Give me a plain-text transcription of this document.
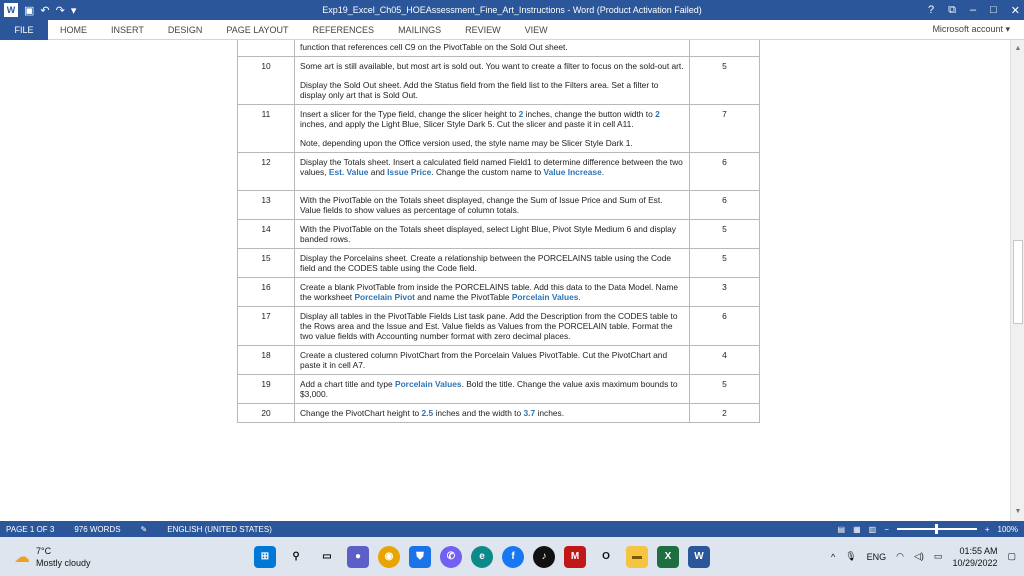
W ▣ ↶ ↷ ▾	Exp19_Excel_Ch05_HOEAssessment_Fine_Art_Instructions - Word (Product Activation Failed)	? ⧉ – □ ✕
FILE	HOME	INSERT	DESIGN	PAGE LAYOUT	REFERENCES	MAILINGS	REVIEW	VIEW	Microsoft account ▾

	function that references cell C9 on the PivotTable on the Sold Out sheet.	

10	Some art is still available, but most art is sold out. You want to create a filter to focus on the sold-out art.

Display the Sold Out sheet. Add the Status field from the field list to the Filters area. Set a filter to display only art that is Sold Out.	5
11	Insert a slicer for the Type field, change the slicer height to 2 inches, change the button width to 2 inches, and apply the Light Blue, Slicer Style Dark 5. Cut the slicer and paste it in cell A11.

Note, depending upon the Office version used, the style name may be Slicer Style Dark 1.	7
12	Display the Totals sheet. Insert a calculated field named Field1 to determine difference between the two values, Est. Value and Issue Price. Change the custom name to Value Increase.	6
13	With the PivotTable on the Totals sheet displayed, change the Sum of Issue Price and Sum of Est. Value fields to show values as percentage of column totals.	6
14	With the PivotTable on the Totals sheet displayed, select Light Blue, Pivot Style Medium 6 and display banded rows.	5
15	Display the Porcelains sheet. Create a relationship between the PORCELAINS table using the Code field and the CODES table using the Code field.	5
16	Create a blank PivotTable from inside the PORCELAINS table. Add this data to the Data Model. Name the worksheet Porcelain Pivot and name the PivotTable Porcelain Values.	3
17	Display all tables in the PivotTable Fields List task pane. Add the Description from the CODES table to the Rows area and the Issue and Est. Value fields as Values from the PORCELAIN table. Format the two value fields with Accounting number format with zero decimal places.	6
18	Create a clustered column PivotChart from the Porcelain Values PivotTable. Cut the PivotChart and paste it in cell A7.	4
19	Add a chart title and type Porcelain Values. Bold the title. Change the value axis maximum bounds to $3,000.	5
20	Change the PivotChart height to 2.5 inches and the width to 3.7 inches.	2
▲
▼
PAGE 1 OF 3	976 WORDS	✎	ENGLISH (UNITED STATES)	▤ ▦ ▥ −	+ 100%
☁ 7°C
Mostly cloudy
⊞	⚲	▭	●	◉	⛊	✆	e	f	♪	M	O	▬	X	W	^ 🎙 ENG ◠ ◁) ▭
01:55 AM
10/29/2022
▢
